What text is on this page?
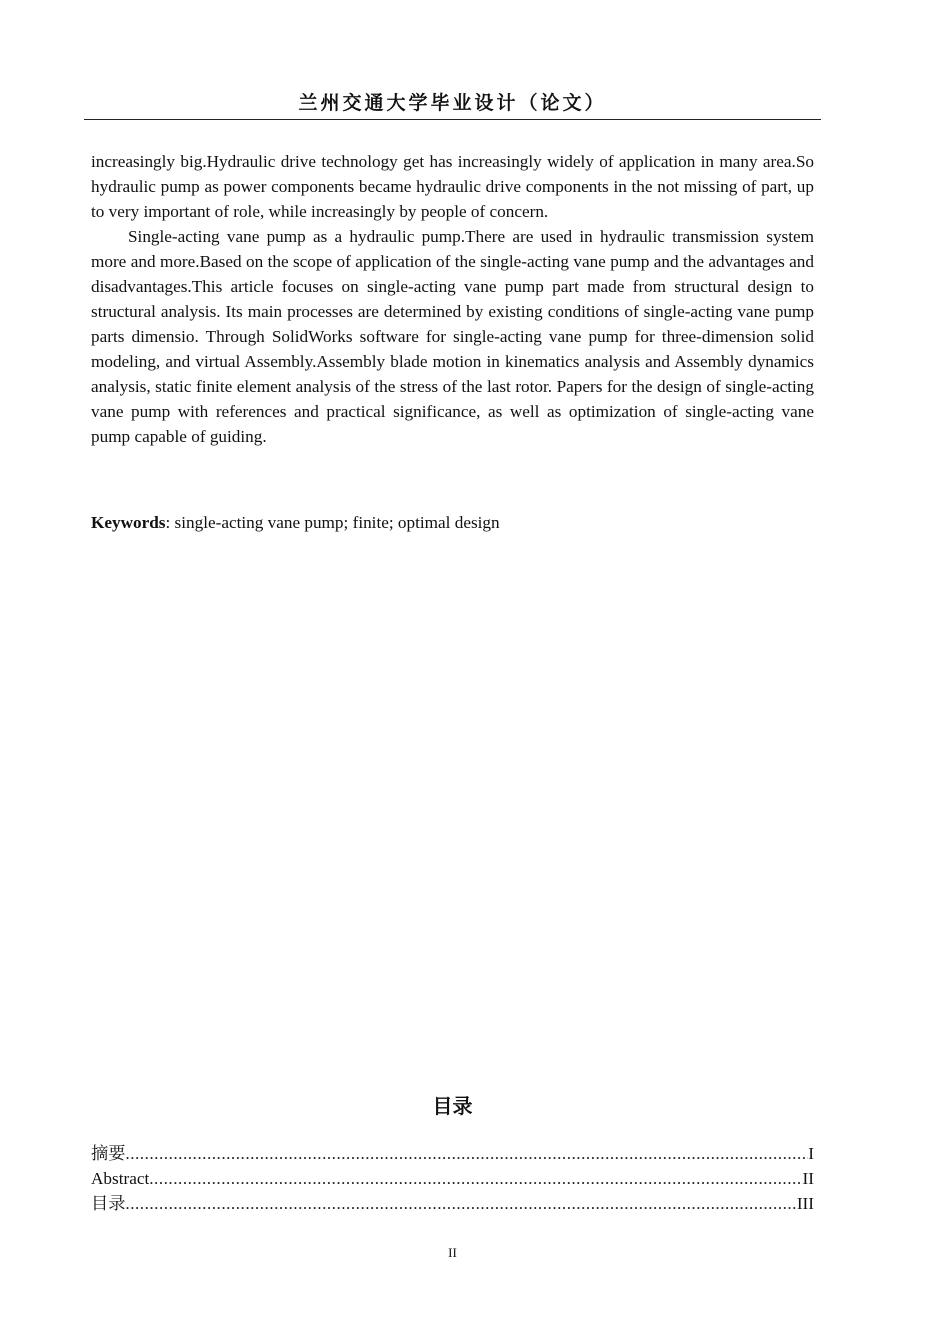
兰州交通大学毕业设计（论文）

increasingly big.Hydraulic drive technology get has increasingly widely of application in many area.So hydraulic pump as power components became hydraulic drive components in the not missing of part, up to very important of role, while increasingly by people of concern.

Single-acting vane pump as a hydraulic pump.There are used in hydraulic transmission system more and more.Based on the scope of application of the single-acting vane pump and the advantages and disadvantages.This article focuses on single-acting vane pump part made from structural design to structural analysis. Its main processes are determined by existing conditions of single-acting vane pump parts dimensio. Through SolidWorks software for single-acting vane pump for three-dimension solid modeling, and virtual Assembly.Assembly blade motion in kinematics analysis and Assembly dynamics analysis, static finite element analysis of the stress of the last rotor. Papers for the design of single-acting vane pump with references and practical significance, as well as optimization of single-acting vane pump capable of guiding.

Keywords: single-acting vane pump; finite; optimal design

目录
摘要 .....	I
Abstract .....	II
目录 .....	III
II
